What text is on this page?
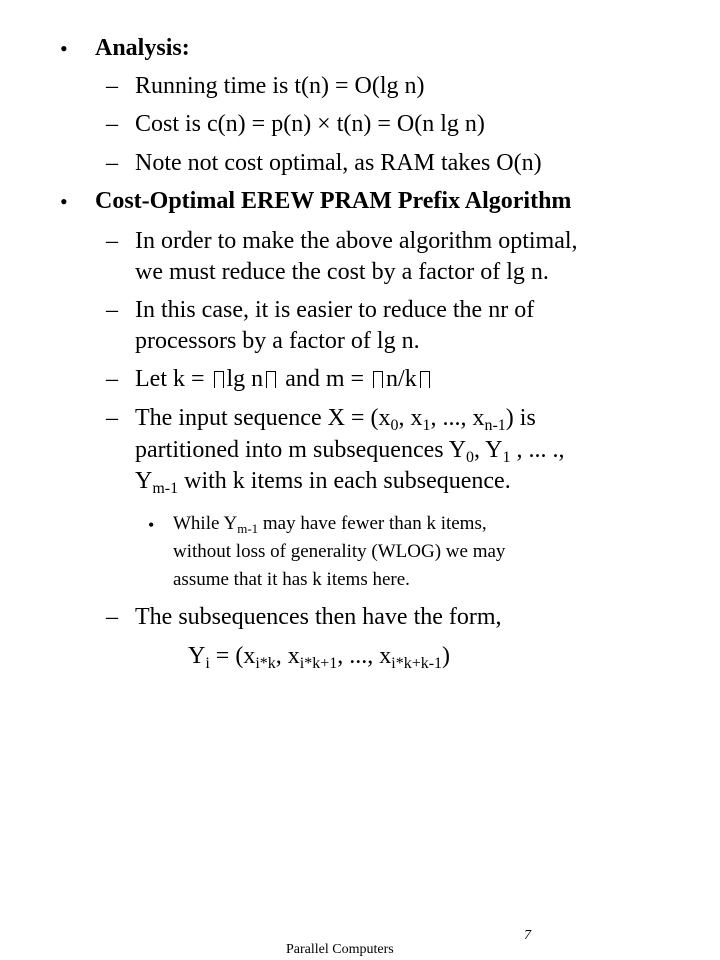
• Analysis:
– Running time is t(n) = O(lg n)
– Cost is c(n) = p(n) × t(n) = O(n lg n)
– Note not cost optimal, as RAM takes O(n)
• Cost-Optimal EREW PRAM Prefix Algorithm
– In order to make the above algorithm optimal,
we must reduce the cost by a factor of lg n.
– In this case, it is easier to reduce the nr of
processors by a factor of lg n.
– Let k = lg n and m = n/k
– The input sequence $X = (x_0$, $x_1$, ..., $x_{n-1}$) is
partitioned into m subsequences $Y_0$, $Y_1$ , ... .,
$Y_{m-1}$ with k items in each subsequence.
• While $Y_{m-1}$ may have fewer than k items,
without loss of generality (WLOG) we may
assume that it has k items here.
– The subsequences then have the form,
$Y_i = (x_{i*k}$, $x_{i*k+1}$, ..., $x_{i*k+k-1}$)
7
Parallel Computers
